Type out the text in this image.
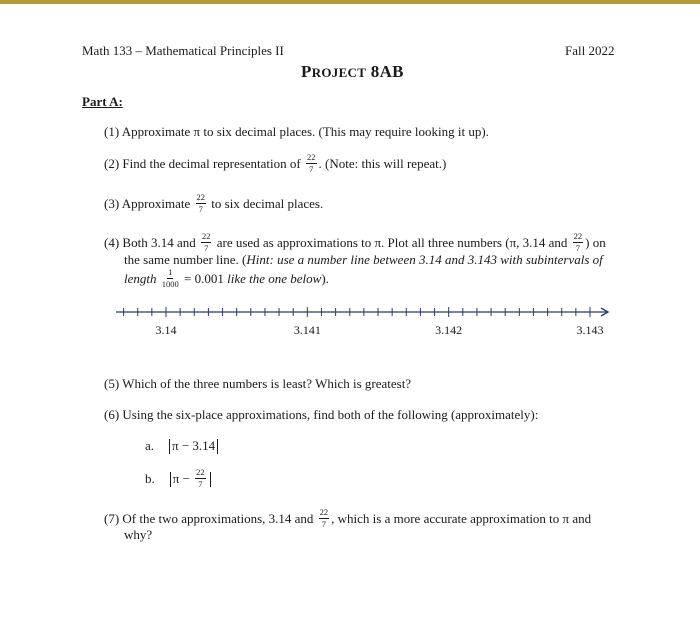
Math 133 – Mathematical Principles II	Fall 2022
PROJECT 8AB
Part A:
(1) Approximate π to six decimal places. (This may require looking it up).
(2) Find the decimal representation of $\frac{22}{7}$ . (Note: this will repeat.)
(3) Approximate $\frac{22}{7}$ to six decimal places.
(4) Both 3.14 and $\frac{22}{7}$ are used as approximations to π. Plot all three numbers (π, 3.14 and $\frac{22}{7}$ ) on
the same number line. (Hint: use a number line between 3.14 and 3.143 with subintervals of
length $\frac{1}{1000} = 0.001$ like the one below).
3.14	3.141	3.142	3.143
(5) Which of the three numbers is least? Which is greatest?
(6) Using the six-place approximations, find both of the following (approximately):
a. π − 3.14
b. $\pi - \frac{22}{7}$
(7) Of the two approximations, 3.14 and $\frac{22}{7}$ , which is a more accurate approximation to π and
why?
